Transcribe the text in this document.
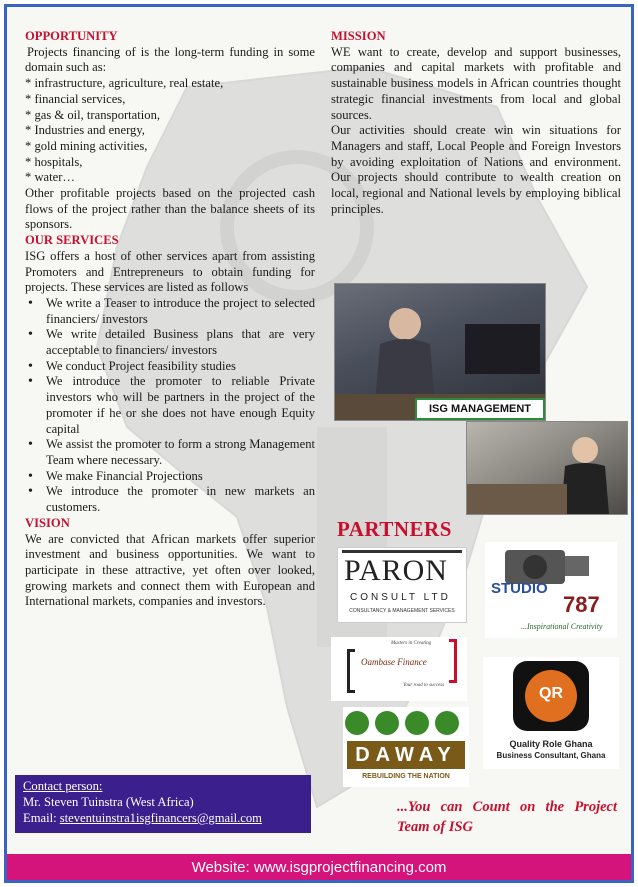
OPPORTUNITY
Projects financing of is the long-term funding in some domain such as:
* infrastructure, agriculture, real estate,
* financial services,
* gas & oil, transportation,
* Industries and energy,
* gold mining activities,
* hospitals,
* water…
Other profitable projects based on the projected cash flows of the project rather than the balance sheets of its sponsors.
OUR SERVICES
ISG offers a host of other services apart from assisting Promoters and Entrepreneurs to obtain funding for projects. These services are listed as follows
• We write a Teaser to introduce the project to selected financiers/ investors
• We write detailed Business plans that are very acceptable to financiers/ investors
• We conduct Project feasibility studies
• We introduce the promoter to reliable Private investors who will be partners in the project of the promoter if he or she does not have enough Equity capital
• We assist the promoter to form a strong Management Team where necessary.
• We make Financial Projections
• We introduce the promoter in new markets an customers.
VISION
We are convicted that African markets offer superior investment and business opportunities. We want to participate in these attractive, yet often over looked, growing markets and connect them with European and International markets, companies and investors.
MISSION
WE want to create, develop and support businesses, companies and capital markets with profitable and sustainable business models in African countries thought strategic financial investments from local and global sources.
Our activities should create win win situations for Managers and staff, Local People and Foreign Investors by avoiding exploitation of Nations and environment. Our projects should contribute to wealth creation on local, regional and National levels by employing biblical principles.
ISG MANAGEMENT
PARTNERS
PARON
CONSULT LTD
CONSULTANCY & MANAGEMENT SERVICES
STUDIO
787
...Inspirational Creativity
Masters in Creating
Oambase Finance
Your road to success	QR
Quality Role Ghana
Business Consultant, Ghana
DAWAY
REBUILDING THE NATION
Contact person:
Mr. Steven Tuinstra (West Africa)
Email: steventuinstra1isgfinancers@gmail.com
...You can Count on the Project Team of ISG
Website: www.isgprojectfinancing.com
